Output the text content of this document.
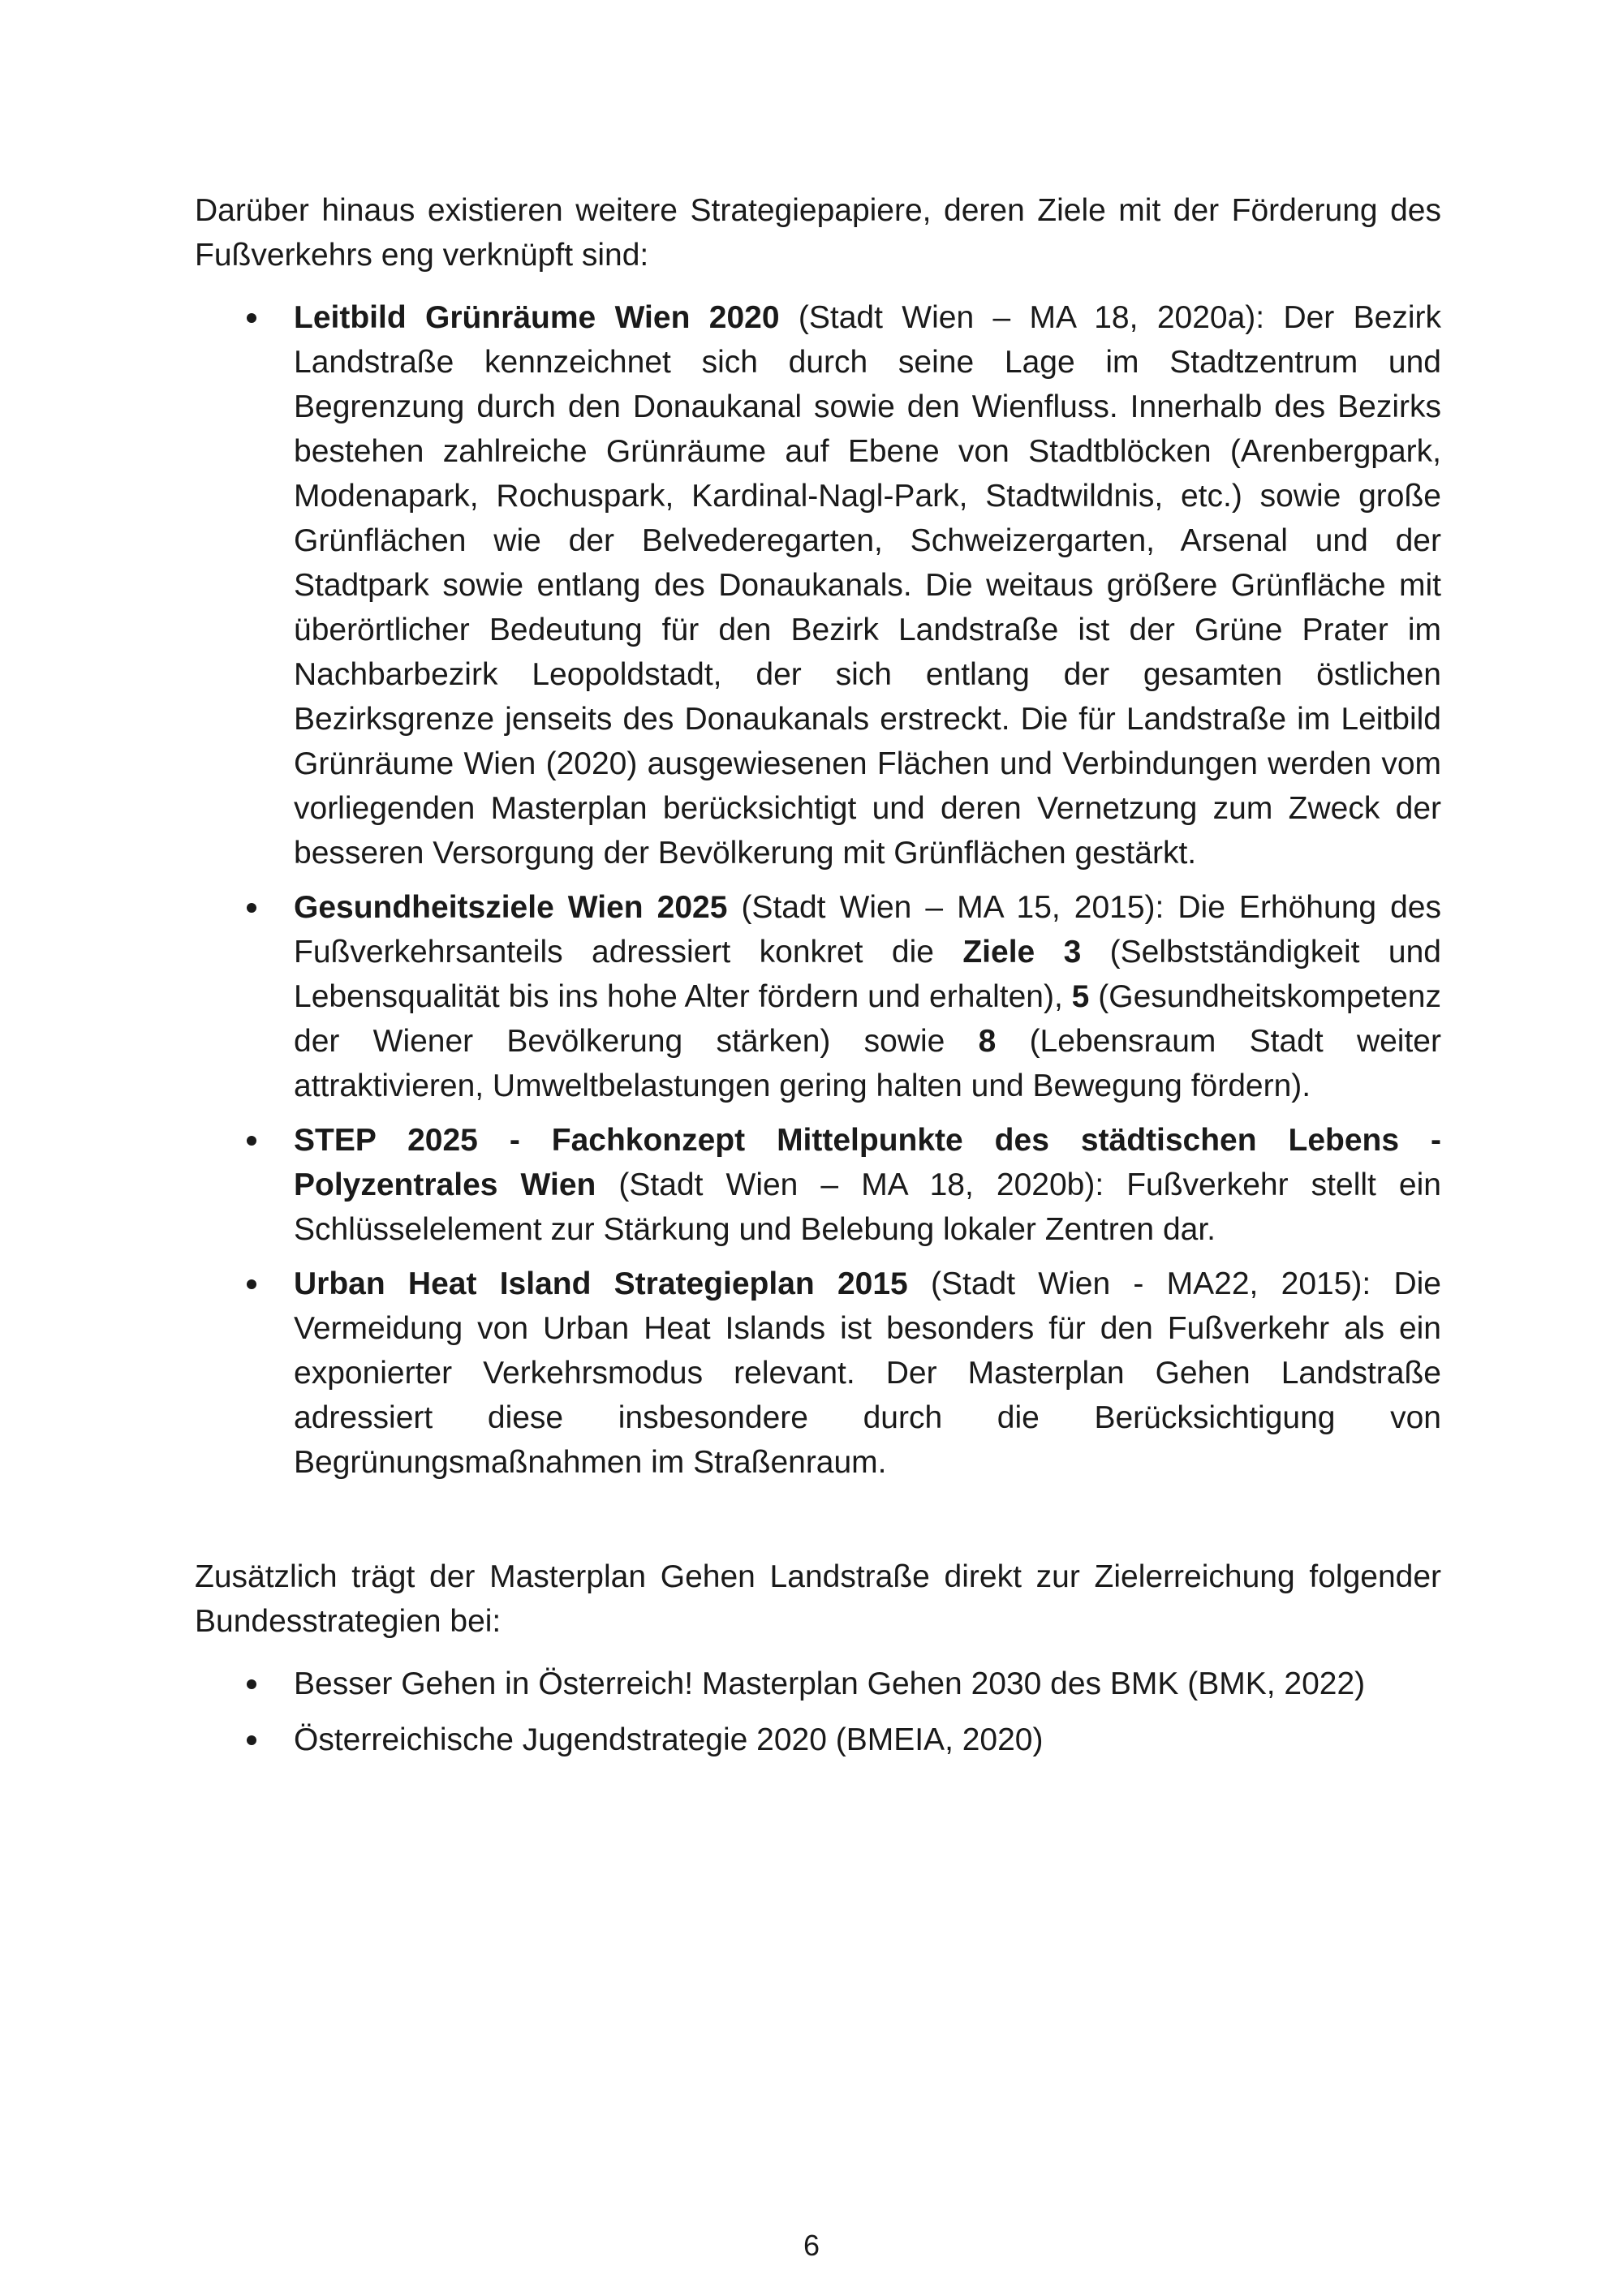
Darüber hinaus existieren weitere Strategiepapiere, deren Ziele mit der Förderung des Fußverkehrs eng verknüpft sind:

Leitbild Grünräume Wien 2020 (Stadt Wien – MA 18, 2020a): Der Bezirk Landstraße kennzeichnet sich durch seine Lage im Stadtzentrum und Begrenzung durch den Donaukanal sowie den Wienfluss. Innerhalb des Bezirks bestehen zahlreiche Grünräume auf Ebene von Stadtblöcken (Arenbergpark, Modenapark, Rochuspark, Kardinal-Nagl-Park, Stadtwildnis, etc.) sowie große Grünflächen wie der Belvederegarten, Schweizergarten, Arsenal und der Stadtpark sowie entlang des Donaukanals. Die weitaus größere Grünfläche mit überörtlicher Bedeutung für den Bezirk Landstraße ist der Grüne Prater im Nachbarbezirk Leopoldstadt, der sich entlang der gesamten östlichen Bezirksgrenze jenseits des Donaukanals erstreckt. Die für Landstraße im Leitbild Grünräume Wien (2020) ausgewiesenen Flächen und Verbindungen werden vom vorliegenden Masterplan berücksichtigt und deren Vernetzung zum Zweck der besseren Versorgung der Bevölkerung mit Grünflächen gestärkt.
Gesundheitsziele Wien 2025 (Stadt Wien – MA 15, 2015): Die Erhöhung des Fußverkehrsanteils adressiert konkret die Ziele 3 (Selbstständigkeit und Lebensqualität bis ins hohe Alter fördern und erhalten), 5 (Gesundheitskompetenz der Wiener Bevölkerung stärken) sowie 8 (Lebensraum Stadt weiter attraktivieren, Umweltbelastungen gering halten und Bewegung fördern).
STEP 2025 - Fachkonzept Mittelpunkte des städtischen Lebens - Polyzentrales Wien (Stadt Wien – MA 18, 2020b): Fußverkehr stellt ein Schlüsselelement zur Stärkung und Belebung lokaler Zentren dar.
Urban Heat Island Strategieplan 2015 (Stadt Wien - MA22, 2015): Die Vermeidung von Urban Heat Islands ist besonders für den Fußverkehr als ein exponierter Verkehrsmodus relevant. Der Masterplan Gehen Landstraße adressiert diese insbesondere durch die Berücksichtigung von Begrünungsmaßnahmen im Straßenraum.

Zusätzlich trägt der Masterplan Gehen Landstraße direkt zur Zielerreichung folgender Bundesstrategien bei:

Besser Gehen in Österreich! Masterplan Gehen 2030 des BMK (BMK, 2022)
Österreichische Jugendstrategie 2020 (BMEIA, 2020)
6
